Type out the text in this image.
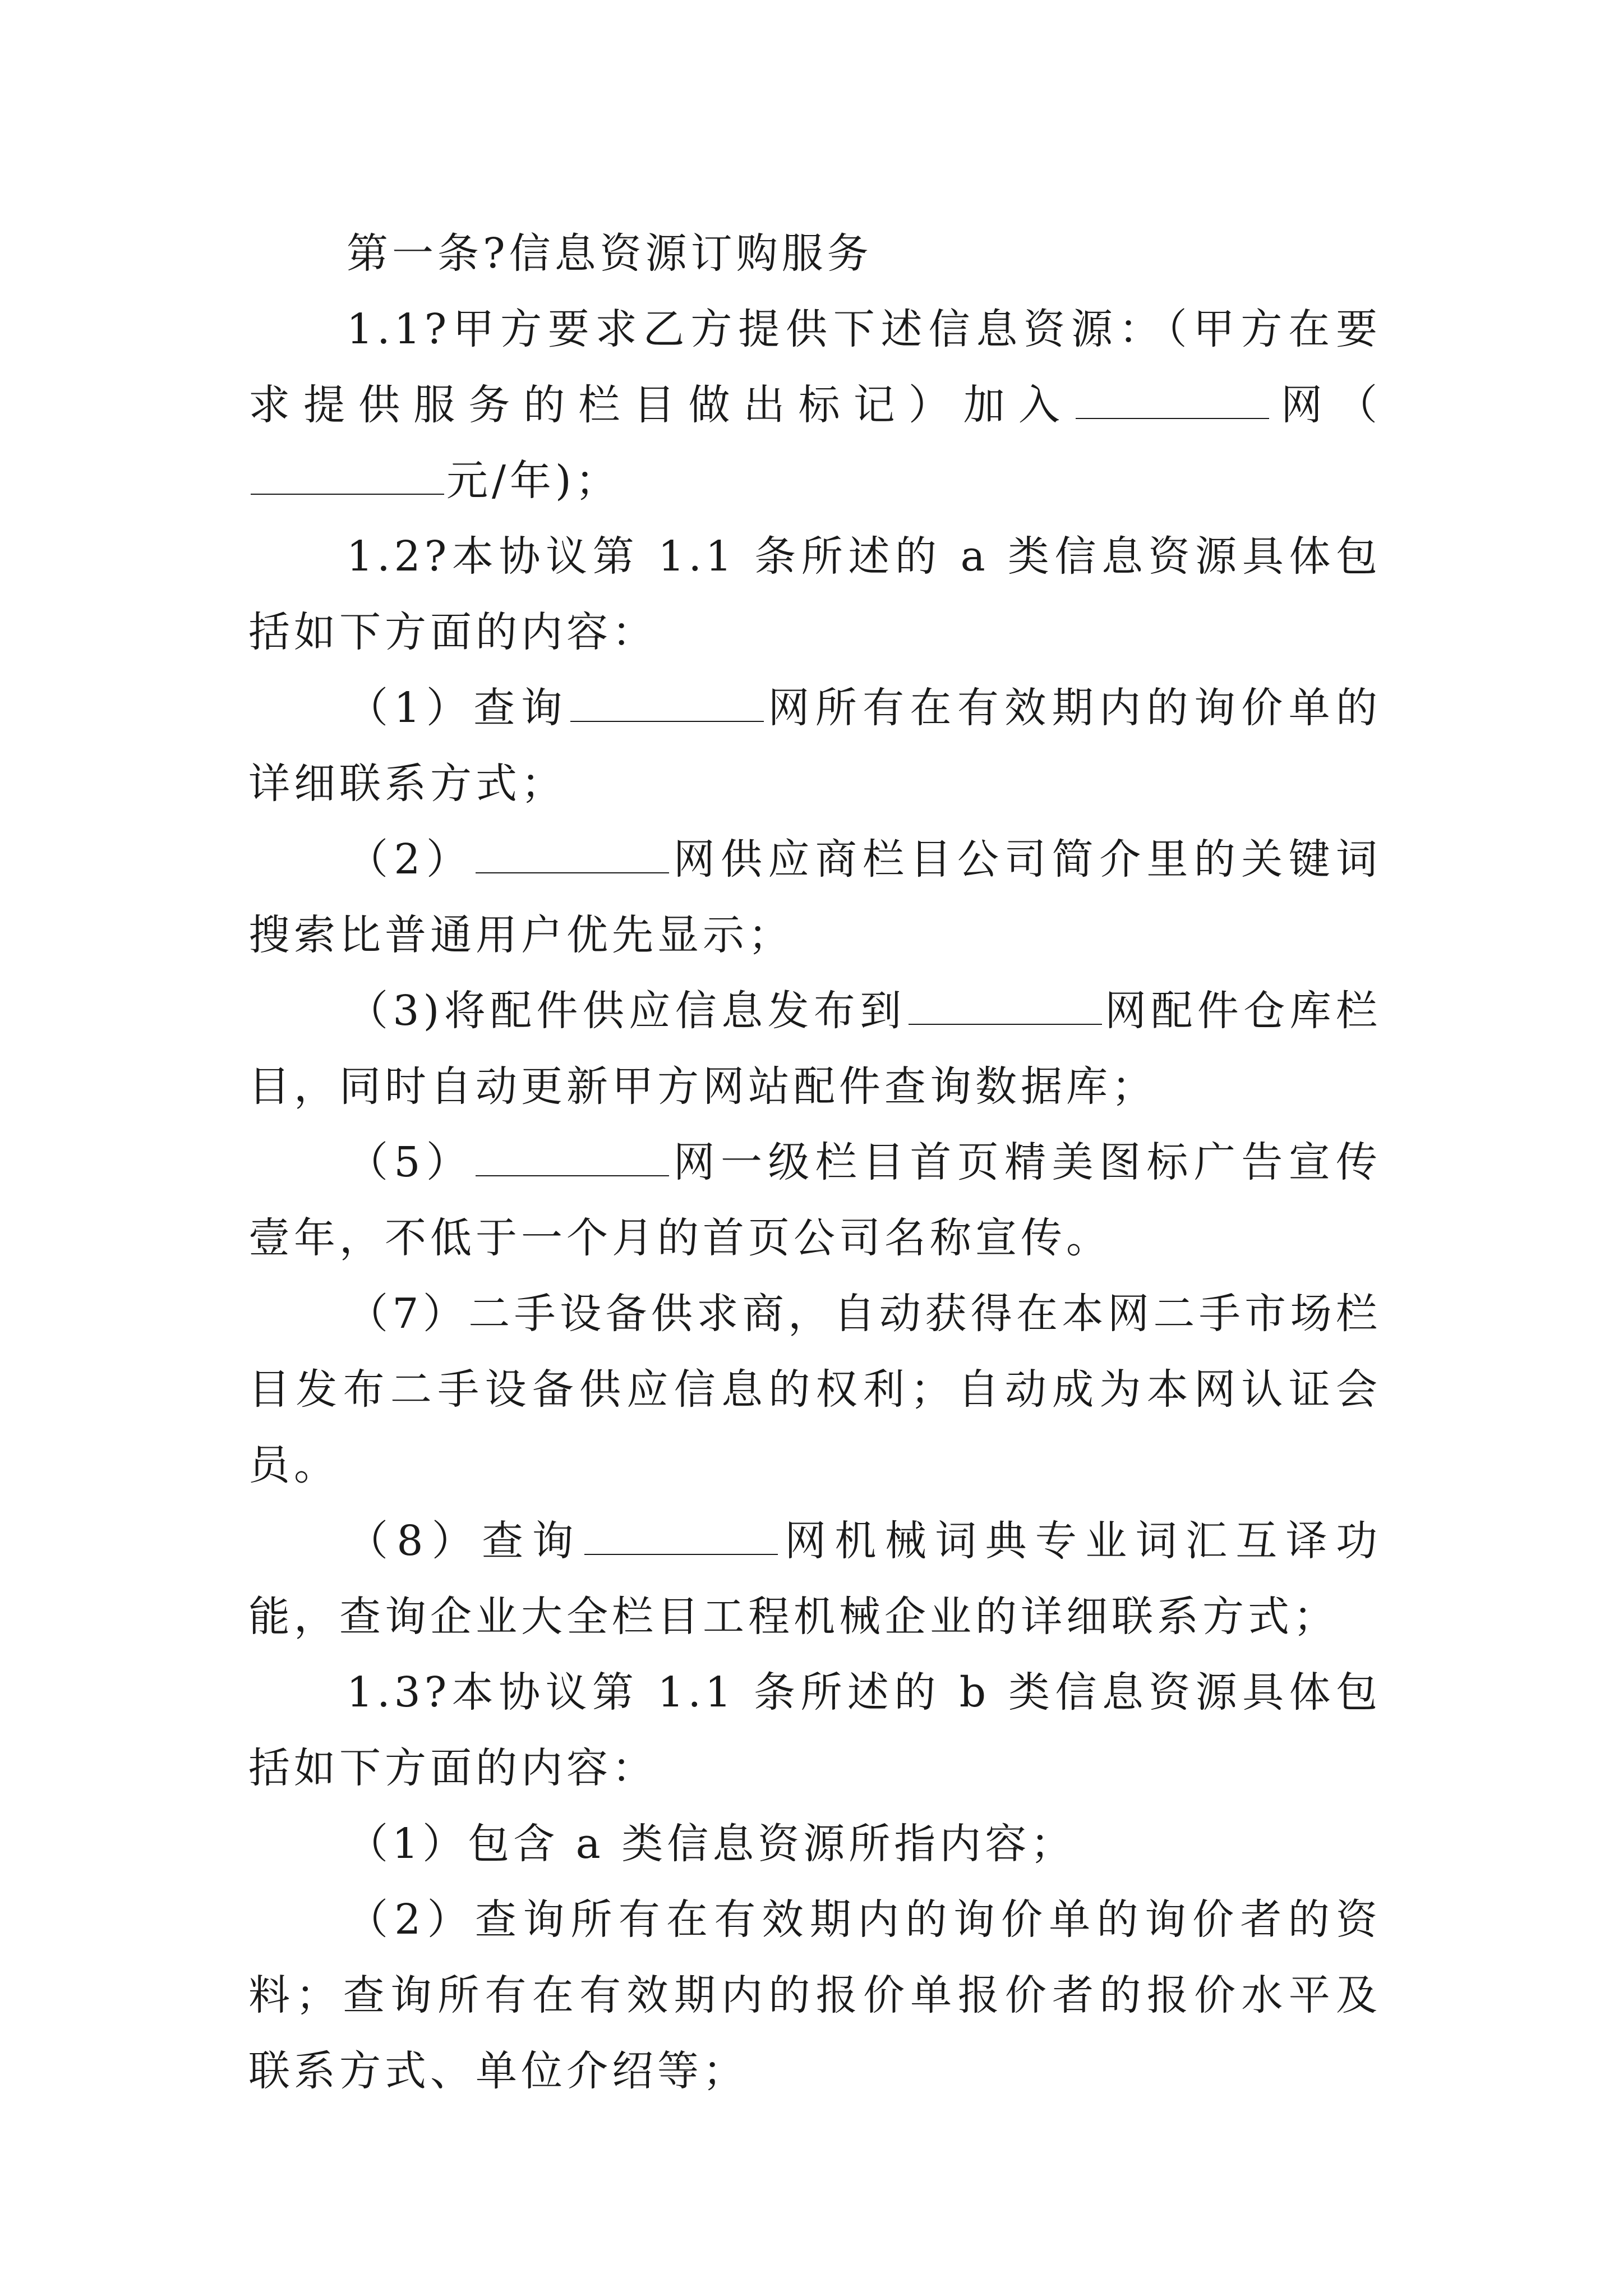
第一条?信息资源订购服务

1.1?甲方要求乙方提供下述信息资源：（甲方在要求提供服务的栏目做出标记）加入	网（元/年)；

1.2?本协议第 1.1 条所述的 a 类信息资源具体包括如下方面的内容：

（1）查询	网所有在有效期内的询价单的详细联系方式；

（2）	网供应商栏目公司简介里的关键词搜索比普通用户优先显示；

（3)将配件供应信息发布到	网配件仓库栏目，同时自动更新甲方网站配件查询数据库；

（5）	网一级栏目首页精美图标广告宣传壹年，不低于一个月的首页公司名称宣传。

（7）二手设备供求商，自动获得在本网二手市场栏目发布二手设备供应信息的权利；自动成为本网认证会员。

（8）查询	网机械词典专业词汇互译功能，查询企业大全栏目工程机械企业的详细联系方式；

1.3?本协议第 1.1 条所述的 b 类信息资源具体包括如下方面的内容：

（1）包含 a 类信息资源所指内容；

（2）查询所有在有效期内的询价单的询价者的资料；查询所有在有效期内的报价单报价者的报价水平及联系方式、单位介绍等；
